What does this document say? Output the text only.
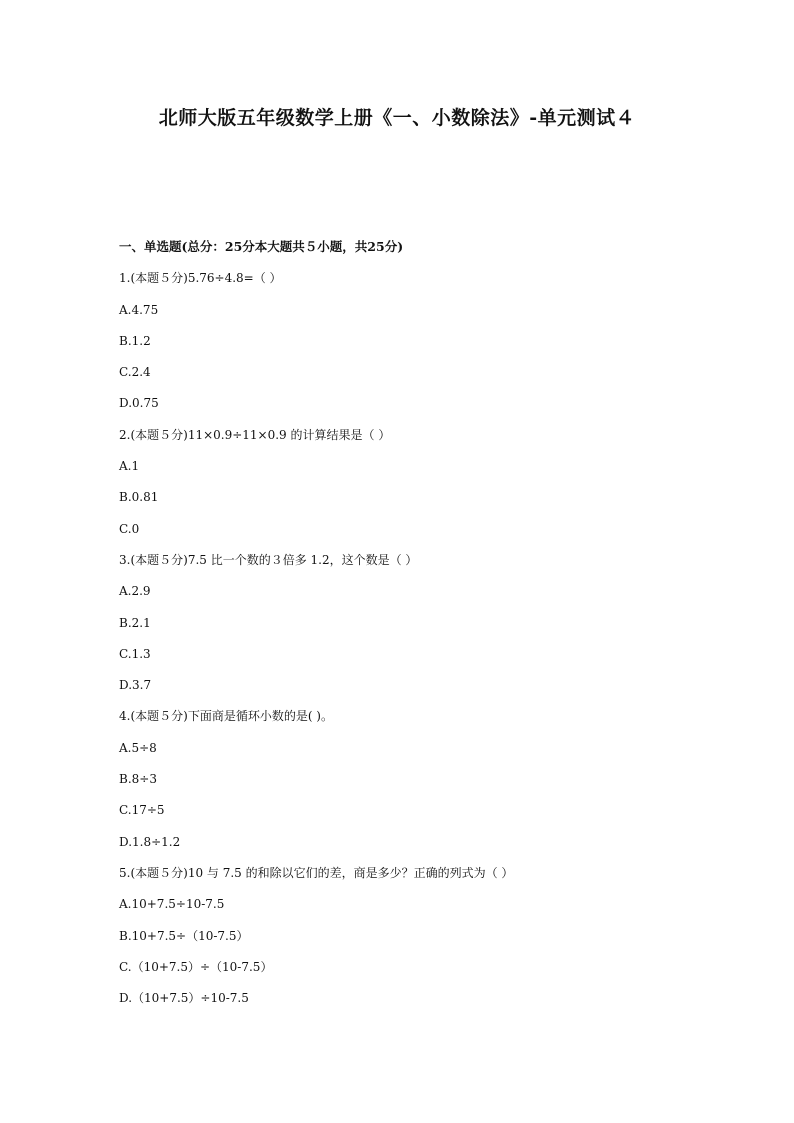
北师大版五年级数学上册《一、小数除法》-单元测试４
一、单选题(总分：25分本大题共５小题，共25分)
1.(本题５分)5.76÷4.8=（ ）
A.4.75
B.1.2
C.2.4
D.0.75
2.(本题５分)11×0.9÷11×0.9 的计算结果是（ ）
A.1
B.0.81
C.0
3.(本题５分)7.5 比一个数的３倍多 1.2，这个数是（ ）
A.2.9
B.2.1
C.1.3
D.3.7
4.(本题５分)下面商是循环小数的是( )。
A.5÷8
B.8÷3
C.17÷5
D.1.8÷1.2
5.(本题５分)10 与 7.5 的和除以它们的差，商是多少？正确的列式为（ ）
A.10+7.5÷10-7.5
B.10+7.5÷（10-7.5）
C.（10+7.5）÷（10-7.5）
D.（10+7.5）÷10-7.5
